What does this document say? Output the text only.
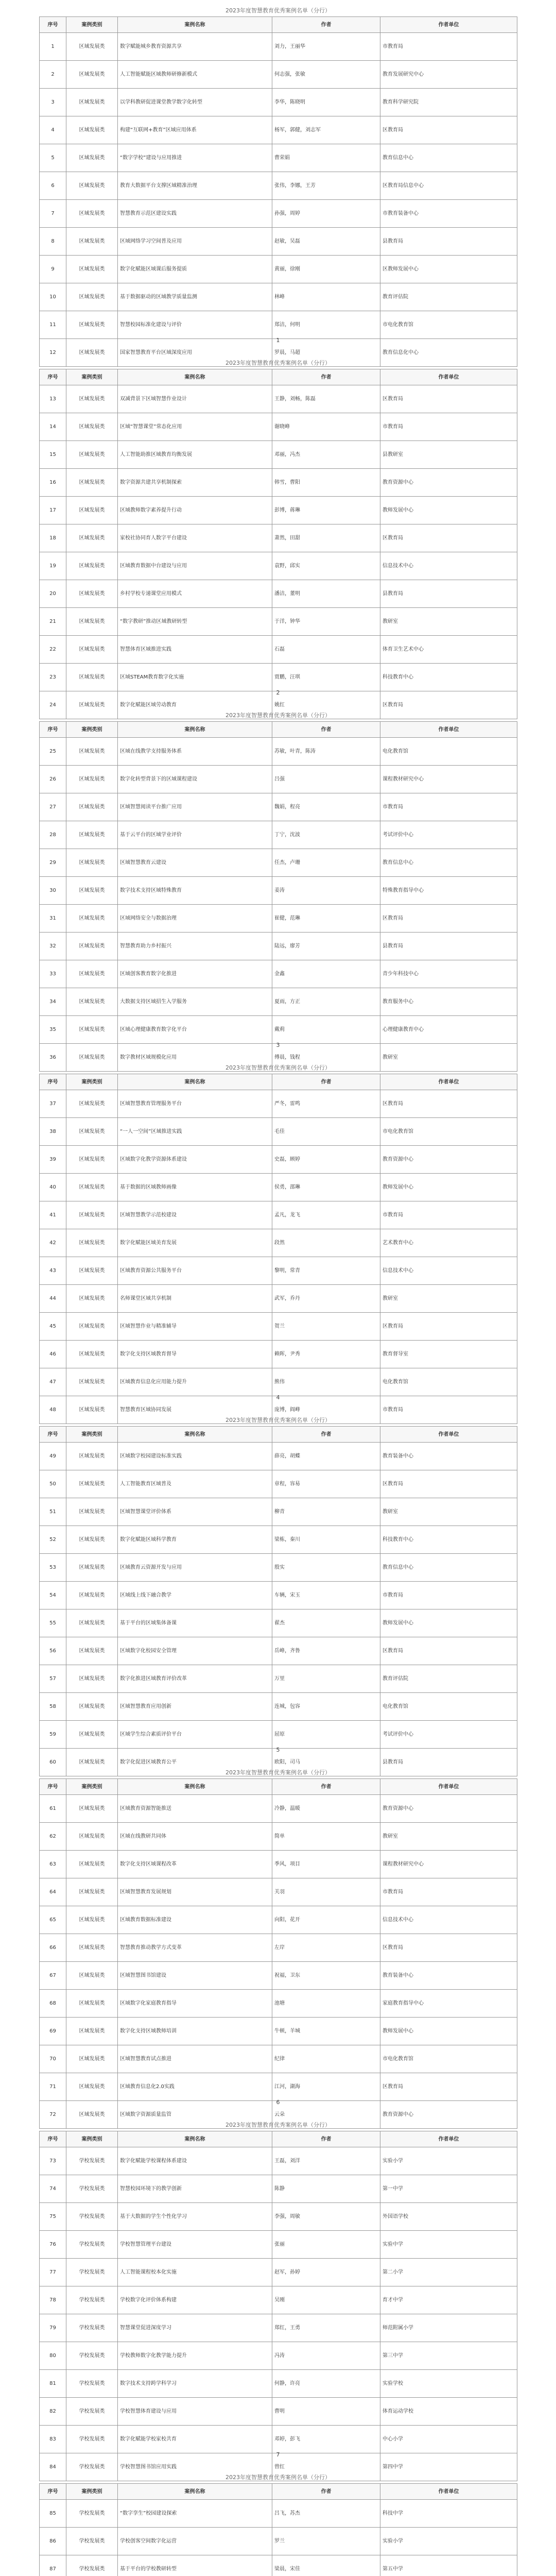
2023年度智慧教育优秀案例名单（分行）
序号	案例类别	案例名称	作者	作者单位
1	区域发展类	数字赋能城乡教育资源共享	刘力，王丽华	市教育局
2	区域发展类	人工智能赋能区域教师研修新模式	何志强，张敏	教育发展研究中心
3	区域发展类	以学科教研促进课堂教学数字化转型	李华，陈晓明	教育科学研究院
4	区域发展类	构建“互联网+教育”区域应用体系	杨军，郭健，刘志军	区教育局
5	区域发展类	“数字学校”建设与应用推进	曹荣娟	教育信息中心
6	区域发展类	教育大数据平台支撑区域精准治理	张伟，李娜，王芳	区教育局信息中心
7	区域发展类	智慧教育示范区建设实践	孙强，周婷	市教育装备中心
8	区域发展类	区域网络学习空间普及应用	赵敏，吴磊	县教育局
9	区域发展类	数字化赋能区域课后服务提质	黄丽，徐刚	区教师发展中心
10	区域发展类	基于数据驱动的区域教学质量监测	林峰	教育评估院
11	区域发展类	智慧校园标准化建设与评价	郑洁，何明	市电化教育馆
12	区域发展类	国家智慧教育平台区域深度应用	罗晨，马超	教育信息化中心
1
2023年度智慧教育优秀案例名单（分行）
序号	案例类别	案例名称	作者	作者单位
13	区域发展类	双减背景下区域智慧作业设计	王静，刘畅，陈磊	区教育局
14	区域发展类	区域“智慧课堂”常态化应用	谢晓峰	市教育局
15	区域发展类	人工智能助推区域教育均衡发展	邓丽，冯杰	县教研室
16	区域发展类	数字资源共建共享机制探索	韩雪，曹阳	教育资源中心
17	区域发展类	区域教师数字素养提升行动	彭博，蒋琳	教师发展中心
18	区域发展类	家校社协同育人数字平台建设	萧然，田甜	区教育局
19	区域发展类	区域教育数据中台建设与应用	袁野，邱实	信息技术中心
20	区域发展类	乡村学校专递课堂应用模式	潘洁，董明	县教育局
21	区域发展类	“数字教研”推动区域教研转型	于洋，钟华	教研室
22	区域发展类	智慧体育区域推进实践	石磊	体育卫生艺术中心
23	区域发展类	区域STEAM教育数字化实施	贾鹏，汪琪	科技教育中心
24	区域发展类	数字化赋能区域劳动教育	姚红	区教育局
2
2023年度智慧教育优秀案例名单（分行）
序号	案例类别	案例名称	作者	作者单位
25	区域发展类	区域在线教学支持服务体系	苏敏，叶青，陈涛	电化教育馆
26	区域发展类	数字化转型背景下的区域课程建设	吕强	课程教材研究中心
27	区域发展类	区域智慧阅读平台推广应用	魏娟，程亮	市教育局
28	区域发展类	基于云平台的区域学业评价	丁宁，沈波	考试评价中心
29	区域发展类	区域智慧教育云建设	任杰，卢珊	教育信息中心
30	区域发展类	数字技术支持区域特殊教育	姜涛	特殊教育指导中心
31	区域发展类	区域网络安全与数据治理	崔健，范琳	区教育局
32	区域发展类	智慧教育助力乡村振兴	陆远，廖芳	县教育局
33	区域发展类	区域创客教育数字化推进	金鑫	青少年科技中心
34	区域发展类	大数据支持区域招生入学服务	夏雨，方正	教育服务中心
35	区域发展类	区域心理健康教育数字化平台	戴莉	心理健康教育中心
36	区域发展类	数字教材区域规模化应用	傅晨，钱程	教研室
3
2023年度智慧教育优秀案例名单（分行）
序号	案例类别	案例名称	作者	作者单位
37	区域发展类	区域智慧教育管理服务平台	严冬，雷鸣	区教育局
38	区域发展类	“一人一空间”区域推进实践	毛佳	市电化教育馆
39	区域发展类	区域数字化教学资源体系建设	史磊，顾婷	教育资源中心
40	区域发展类	基于数据的区域教师画像	侯勇，邵琳	教师发展中心
41	区域发展类	区域智慧教学示范校建设	孟凡，龙飞	市教育局
42	区域发展类	数字化赋能区域美育发展	段然	艺术教育中心
43	区域发展类	区域教育资源公共服务平台	黎明，常青	信息技术中心
44	区域发展类	名师课堂区域共享机制	武军，乔丹	教研室
45	区域发展类	区域智慧作业与精准辅导	贺兰	区教育局
46	区域发展类	数字化支持区域教育督导	赖晖，尹秀	教育督导室
47	区域发展类	区域教育信息化应用能力提升	熊伟	电化教育馆
48	区域发展类	智慧教育区域协同发展	庞博，阎峰	市教育局
4
2023年度智慧教育优秀案例名单（分行）
序号	案例类别	案例名称	作者	作者单位
49	区域发展类	区域数字校园建设标准实践	薛亮，胡蝶	教育装备中心
50	区域发展类	人工智能教育区域普及	章程，容易	区教育局
51	区域发展类	区域智慧课堂评价体系	柳青	教研室
52	区域发展类	数字化赋能区域科学教育	梁栋，秦川	科技教育中心
53	区域发展类	区域教育云资源开发与应用	殷实	教育信息中心
54	区域发展类	区域线上线下融合教学	车辆，宋玉	市教育局
55	区域发展类	基于平台的区域集体备课	翟杰	教师发展中心
56	区域发展类	区域数字化校园安全管理	岳峰，齐鲁	区教育局
57	区域发展类	数字化推进区域教育评价改革	万里	教育评估院
58	区域发展类	区域智慧教育应用创新	连城，包容	电化教育馆
59	区域发展类	区域学生综合素质评价平台	屈原	考试评价中心
60	区域发展类	数字化促进区域教育公平	欧阳，司马	县教育局
5
2023年度智慧教育优秀案例名单（分行）
序号	案例类别	案例名称	作者	作者单位
61	区域发展类	区域教育资源智能推送	冷静，温暖	教育资源中心
62	区域发展类	区域在线教研共同体	简单	教研室
63	区域发展类	数字化支持区域课程改革	季风，项目	课程教材研究中心
64	区域发展类	区域智慧教育发展规划	关羽	市教育局
65	区域发展类	区域教育数据标准建设	向阳，花开	信息技术中心
66	区域发展类	智慧教育推动教学方式变革	左岸	区教育局
67	区域发展类	区域智慧图书馆建设	祝福，卫东	教育装备中心
68	区域发展类	区域数字化家庭教育指导	池塘	家庭教育指导中心
69	区域发展类	数字化支持区域教师培训	牛顿，羊城	教师发展中心
70	区域发展类	区域智慧教育试点推进	纪律	市电化教育馆
71	区域发展类	区域教育信息化2.0实践	江河，湖海	区教育局
72	区域发展类	区域数字资源质量监管	云朵	教育资源中心
6
2023年度智慧教育优秀案例名单（分行）
序号	案例类别	案例名称	作者	作者单位
73	学校发展类	数字化赋能学校课程体系建设	王磊，刘洋	实验小学
74	学校发展类	智慧校园环境下的教学创新	陈静	第一中学
75	学校发展类	基于大数据的学生个性化学习	李强，周敏	外国语学校
76	学校发展类	学校智慧管理平台建设	张丽	实验中学
77	学校发展类	人工智能课程校本化实施	赵军，孙婷	第二小学
78	学校发展类	学校数字化评价体系构建	吴刚	育才中学
79	学校发展类	智慧课堂促进深度学习	郑红，王勇	师范附属小学
80	学校发展类	学校教师数字化教学能力提升	冯涛	第三中学
81	学校发展类	数字技术支持跨学科学习	何静，许亮	实验学校
82	学校发展类	学校智慧体育建设与应用	曹明	体育运动学校
83	学校发展类	数字化赋能学校家校共育	邓婷，彭飞	中心小学
84	学校发展类	学校智慧图书馆应用实践	曾红	第四中学
7
2023年度智慧教育优秀案例名单（分行）
序号	案例类别	案例名称	作者	作者单位
85	学校发展类	“数字孪生”校园建设探索	吕飞，苏杰	科技中学
86	学校发展类	学校创客空间数字化运营	罗兰	实验小学
87	学校发展类	基于平台的学校教研转型	梁晨，宋佳	第五中学
